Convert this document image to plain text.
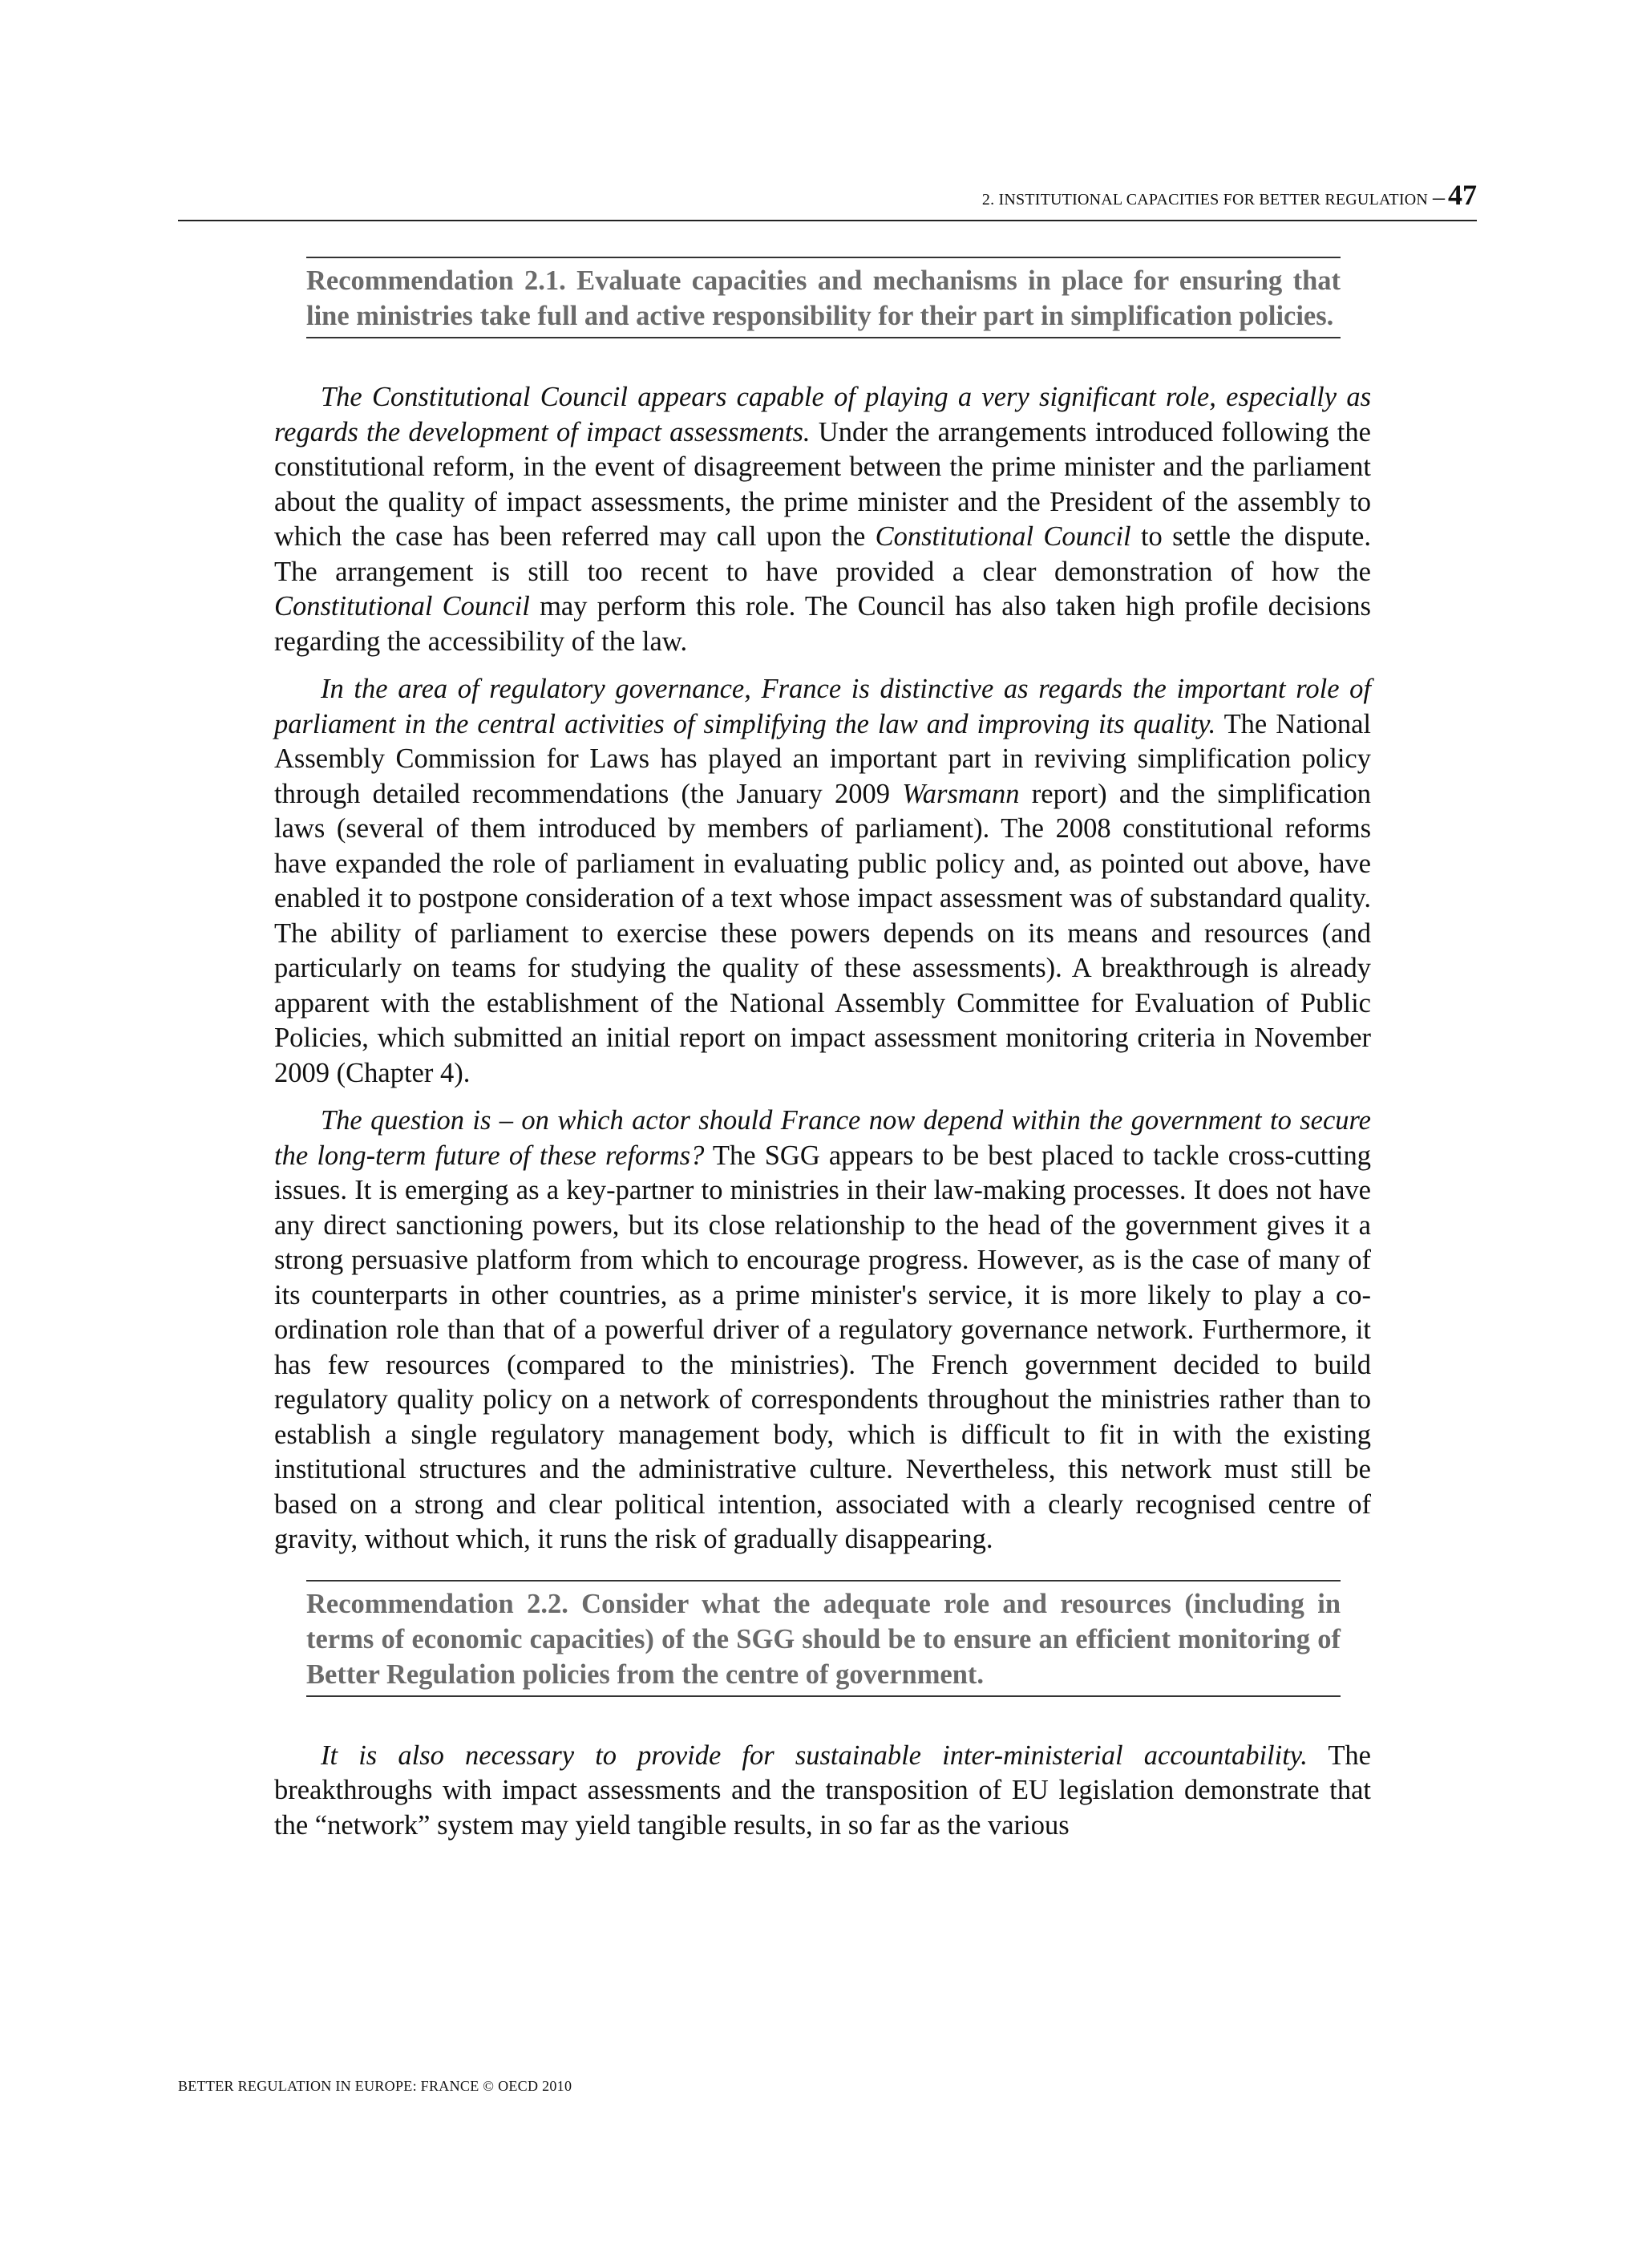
2. INSTITUTIONAL CAPACITIES FOR BETTER REGULATION – 47
Recommendation 2.1. Evaluate capacities and mechanisms in place for ensuring that line ministries take full and active responsibility for their part in simplification policies.

The Constitutional Council appears capable of playing a very significant role, especially as regards the development of impact assessments. Under the arrangements introduced following the constitutional reform, in the event of disagreement between the prime minister and the parliament about the quality of impact assessments, the prime minister and the President of the assembly to which the case has been referred may call upon the Constitutional Council to settle the dispute. The arrangement is still too recent to have provided a clear demonstration of how the Constitutional Council may perform this role. The Council has also taken high profile decisions regarding the accessibility of the law.

In the area of regulatory governance, France is distinctive as regards the important role of parliament in the central activities of simplifying the law and improving its quality. The National Assembly Commission for Laws has played an important part in reviving simplification policy through detailed recommendations (the January 2009 Warsmann report) and the simplification laws (several of them introduced by members of parliament). The 2008 constitutional reforms have expanded the role of parliament in evaluating public policy and, as pointed out above, have enabled it to postpone consideration of a text whose impact assessment was of substandard quality. The ability of parliament to exercise these powers depends on its means and resources (and particularly on teams for studying the quality of these assessments). A breakthrough is already apparent with the establishment of the National Assembly Committee for Evaluation of Public Policies, which submitted an initial report on impact assessment monitoring criteria in November 2009 (Chapter 4).

The question is – on which actor should France now depend within the government to secure the long-term future of these reforms? The SGG appears to be best placed to tackle cross-cutting issues. It is emerging as a key-partner to ministries in their law-making processes. It does not have any direct sanctioning powers, but its close relationship to the head of the government gives it a strong persuasive platform from which to encourage progress. However, as is the case of many of its counterparts in other countries, as a prime minister's service, it is more likely to play a co-ordination role than that of a powerful driver of a regulatory governance network. Furthermore, it has few resources (compared to the ministries). The French government decided to build regulatory quality policy on a network of correspondents throughout the ministries rather than to establish a single regulatory management body, which is difficult to fit in with the existing institutional structures and the administrative culture. Nevertheless, this network must still be based on a strong and clear political intention, associated with a clearly recognised centre of gravity, without which, it runs the risk of gradually disappearing.

Recommendation 2.2. Consider what the adequate role and resources (including in terms of economic capacities) of the SGG should be to ensure an efficient monitoring of Better Regulation policies from the centre of government.

It is also necessary to provide for sustainable inter-ministerial accountability. The breakthroughs with impact assessments and the transposition of EU legislation demonstrate that the “network” system may yield tangible results, in so far as the various

BETTER REGULATION IN EUROPE: FRANCE © OECD 2010
